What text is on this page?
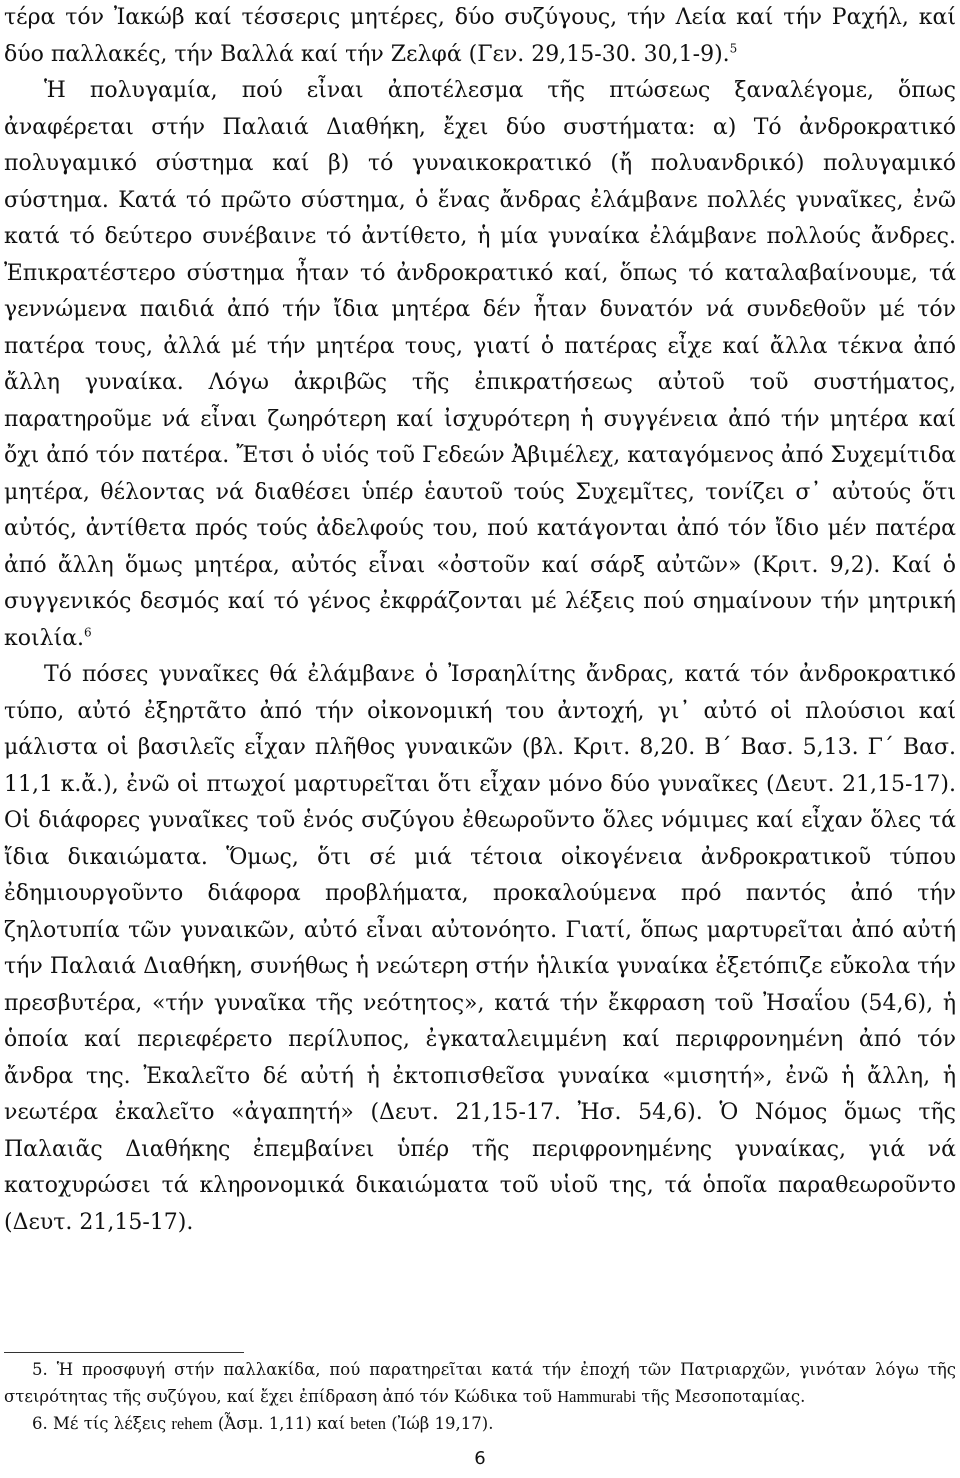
τέρα τόν Ἰακώβ καί τέσσερις μητέρες, δύο συζύγους, τήν Λεία καί τήν Ραχήλ, καί δύο παλλακές, τήν Βαλλά καί τήν Ζελφά (Γεν. 29,15-30. 30,1-9).$^5$

Ἡ πολυγαμία, πού εἶναι ἀποτέλεσμα τῆς πτώσεως ξαναλέγομε, ὅπως ἀναφέρεται στήν Παλαιά Διαθήκη, ἔχει δύο συστήματα: α) Τό ἀνδροκρατικό πολυγαμικό σύστημα καί β) τό γυναικοκρατικό (ἤ πολυανδρικό) πολυγαμικό σύστημα. Κατά τό πρῶτο σύστημα, ὁ ἕνας ἄνδρας ἐλάμβανε πολλές γυναῖκες, ἐνῶ κατά τό δεύτερο συνέβαινε τό ἀντίθετο, ἡ μία γυναίκα ἐλάμβανε πολλούς ἄνδρες. Ἐπικρατέστερο σύστημα ἦταν τό ἀνδροκρατικό καί, ὅπως τό καταλαβαίνουμε, τά γεννώμενα παιδιά ἀπό τήν ἴδια μητέρα δέν ἦταν δυνατόν νά συνδεθοῦν μέ τόν πατέρα τους, ἀλλά μέ τήν μητέρα τους, γιατί ὁ πατέρας εἶχε καί ἄλλα τέκνα ἀπό ἄλλη γυναίκα. Λόγω ἀκριβῶς τῆς ἐπικρατήσεως αὐτοῦ τοῦ συστήματος, παρατηροῦμε νά εἶναι ζωηρότερη καί ἰσχυρότερη ἡ συγγένεια ἀπό τήν μητέρα καί ὄχι ἀπό τόν πατέρα. Ἔτσι ὁ υἱός τοῦ Γεδεών Ἀβιμέλεχ, καταγόμενος ἀπό Συχεμίτιδα μητέρα, θέλοντας νά διαθέσει ὑπέρ ἑαυτοῦ τούς Συχεμῖτες, τονίζει σ᾽ αὐτούς ὅτι αὐτός, ἀντίθετα πρός τούς ἀδελφούς του, πού κατάγονται ἀπό τόν ἴδιο μέν πατέρα ἀπό ἄλλη ὅμως μητέρα, αὐτός εἶναι «ὀστοῦν καί σάρξ αὐτῶν» (Κριτ. 9,2). Καί ὁ συγγενικός δεσμός καί τό γένος ἐκφράζονται μέ λέξεις πού σημαίνουν τήν μητρική κοιλία.$^6$

Τό πόσες γυναῖκες θά ἐλάμβανε ὁ Ἰσραηλίτης ἄνδρας, κατά τόν ἀνδροκρατικό τύπο, αὐτό ἐξηρτᾶτο ἀπό τήν οἰκονομική του ἀντοχή, γι᾽ αὐτό οἱ πλούσιοι καί μάλιστα οἱ βασιλεῖς εἶχαν πλῆθος γυναικῶν (βλ. Κριτ. 8,20. Β´ Βασ. 5,13. Γ´ Βασ. 11,1 κ.ἄ.), ἐνῶ οἱ πτωχοί μαρτυρεῖται ὅτι εἶχαν μόνο δύο γυναῖκες (Δευτ. 21,15-17). Οἱ διάφορες γυναῖκες τοῦ ἑνός συζύγου ἐθεωροῦντο ὅλες νόμιμες καί εἶχαν ὅλες τά ἴδια δικαιώματα. Ὅμως, ὅτι σέ μιά τέτοια οἰκογένεια ἀνδροκρατικοῦ τύπου ἐδημιουργοῦντο διάφορα προβλήματα, προκαλούμενα πρό παντός ἀπό τήν ζηλοτυπία τῶν γυναικῶν, αὐτό εἶναι αὐτονόητο. Γιατί, ὅπως μαρτυρεῖται ἀπό αὐτή τήν Παλαιά Διαθήκη, συνήθως ἡ νεώτερη στήν ἡλικία γυναίκα ἐξετόπιζε εὔκολα τήν πρεσβυτέρα, «τήν γυναῖκα τῆς νεότητος», κατά τήν ἔκφραση τοῦ Ἠσαΐου (54,6), ἡ ὁποία καί περιεφέρετο περίλυπος, ἐγκαταλειμμένη καί περιφρονημένη ἀπό τόν ἄνδρα της. Ἐκαλεῖτο δέ αὐτή ἡ ἐκτοπισθεῖσα γυναίκα «μισητή», ἐνῶ ἡ ἄλλη, ἡ νεωτέρα ἐκαλεῖτο «ἀγαπητή» (Δευτ. 21,15-17. Ἠσ. 54,6). Ὁ Νόμος ὅμως τῆς Παλαιᾶς Διαθήκης ἐπεμβαίνει ὑπέρ τῆς περιφρονημένης γυναίκας, γιά νά κατοχυρώσει τά κληρονομικά δικαιώματα τοῦ υἱοῦ της, τά ὁποῖα παραθεωροῦντο (Δευτ. 21,15-17).

5. Ἡ προσφυγή στήν παλλακίδα, πού παρατηρεῖται κατά τήν ἐποχή τῶν Πατριαρχῶν, γινόταν λόγω τῆς στειρότητας τῆς συζύγου, καί ἔχει ἐπίδραση ἀπό τόν Κώδικα τοῦ Hammurabi τῆς Μεσοποταμίας.

6. Μέ τίς λέξεις rehem (Ἆσμ. 1,11) καί beten (Ἰώβ 19,17).

6
